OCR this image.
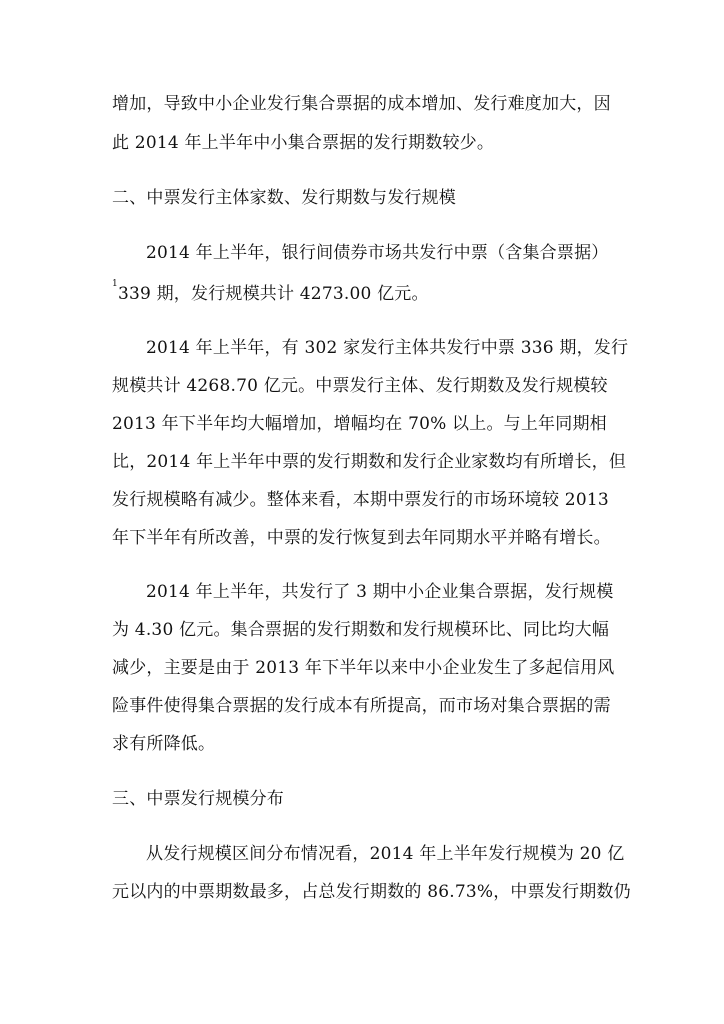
增加，导致中小企业发行集合票据的成本增加、发行难度加大，因
此 2014 年上半年中小集合票据的发行期数较少。
二、中票发行主体家数、发行期数与发行规模
2014 年上半年，银行间债券市场共发行中票（含集合票据）
$^1$339 期，发行规模共计 4273.00 亿元。
2014 年上半年，有 302 家发行主体共发行中票 336 期，发行
规模共计 4268.70 亿元。中票发行主体、发行期数及发行规模较
2013 年下半年均大幅增加，增幅均在 70% 以上。与上年同期相
比，2014 年上半年中票的发行期数和发行企业家数均有所增长，但
发行规模略有减少。整体来看，本期中票发行的市场环境较 2013
年下半年有所改善，中票的发行恢复到去年同期水平并略有增长。
2014 年上半年，共发行了 3 期中小企业集合票据，发行规模
为 4.30 亿元。集合票据的发行期数和发行规模环比、同比均大幅
减少，主要是由于 2013 年下半年以来中小企业发生了多起信用风
险事件使得集合票据的发行成本有所提高，而市场对集合票据的需
求有所降低。
三、中票发行规模分布
从发行规模区间分布情况看，2014 年上半年发行规模为 20 亿
元以内的中票期数最多，占总发行期数的 86.73%，中票发行期数仍
